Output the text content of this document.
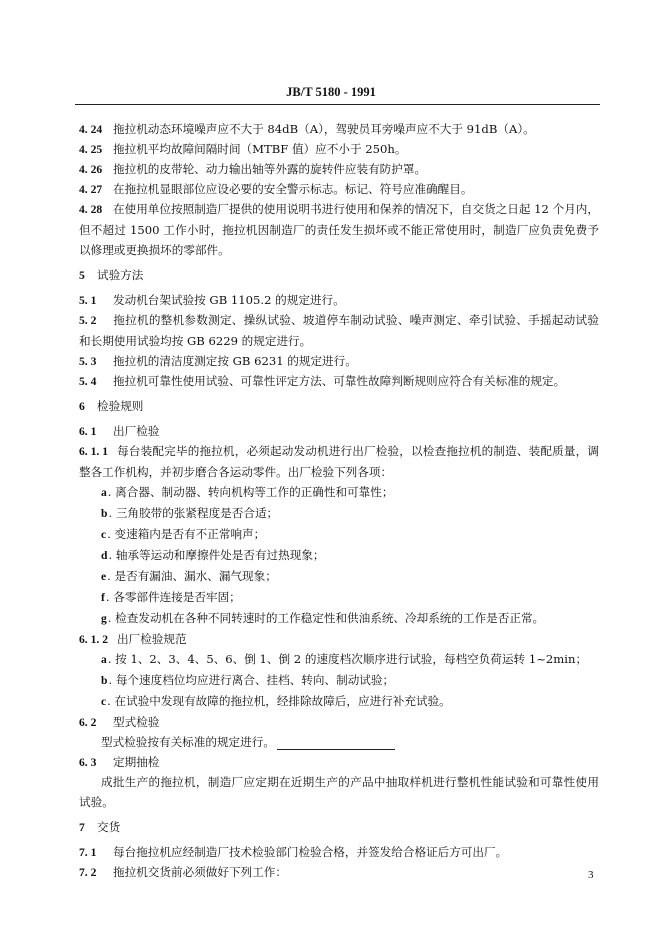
JB/T 5180 - 1991
4. 24 拖拉机动态环境噪声应不大于 84dB（A），驾驶员耳旁噪声应不大于 91dB（A）。
4. 25 拖拉机平均故障间隔时间（MTBF 值）应不小于 250h。
4. 26 拖拉机的皮带轮、动力输出轴等外露的旋转件应装有防护罩。
4. 27 在拖拉机显眼部位应设必要的安全警示标志。标记、符号应准确醒目。
4. 28 在使用单位按照制造厂提供的使用说明书进行使用和保养的情况下，自交货之日起 12 个月内，但不超过 1500 工作小时，拖拉机因制造厂的责任发生损坏或不能正常使用时，制造厂应负责免费予以修理或更换损坏的零部件。
5 试验方法
5. 1 发动机台架试验按 GB 1105.2 的规定进行。
5. 2 拖拉机的整机参数测定、操纵试验、坡道停车制动试验、噪声测定、牵引试验、手摇起动试验和长期使用试验均按 GB 6229 的规定进行。
5. 3 拖拉机的清洁度测定按 GB 6231 的规定进行。
5. 4 拖拉机可靠性使用试验、可靠性评定方法、可靠性故障判断规则应符合有关标准的规定。
6 检验规则
6. 1 出厂检验
6. 1. 1 每台装配完毕的拖拉机，必须起动发动机进行出厂检验，以检查拖拉机的制造、装配质量，调整各工作机构，并初步磨合各运动零件。出厂检验下列各项：
a. 离合器、制动器、转向机构等工作的正确性和可靠性；
b. 三角胶带的张紧程度是否合适；
c. 变速箱内是否有不正常响声；
d. 轴承等运动和摩擦件处是否有过热现象；
e. 是否有漏油、漏水、漏气现象；
f. 各零部件连接是否牢固；
g. 检查发动机在各种不同转速时的工作稳定性和供油系统、冷却系统的工作是否正常。
6. 1. 2 出厂检验规范
a. 按 1、2、3、4、5、6、倒 1、倒 2 的速度档次顺序进行试验，每档空负荷运转 1~2min；
b. 每个速度档位均应进行离合、挂档、转向、制动试验；
c. 在试验中发现有故障的拖拉机，经排除故障后，应进行补充试验。
6. 2 型式检验
型式检验按有关标准的规定进行。
6. 3 定期抽检
成批生产的拖拉机，制造厂应定期在近期生产的产品中抽取样机进行整机性能试验和可靠性使用试验。
7 交货
7. 1 每台拖拉机应经制造厂技术检验部门检验合格，并签发给合格证后方可出厂。
7. 2 拖拉机交货前必须做好下列工作：	3
